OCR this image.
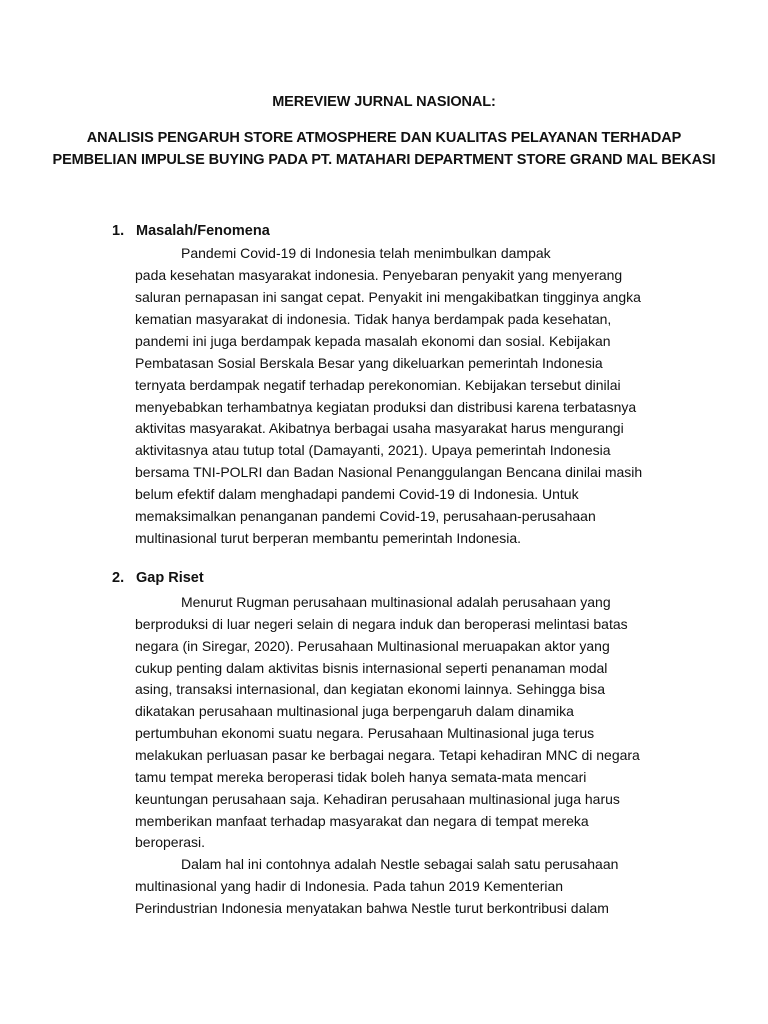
MEREVIEW JURNAL NASIONAL:
ANALISIS PENGARUH STORE ATMOSPHERE DAN KUALITAS PELAYANAN TERHADAP
PEMBELIAN IMPULSE BUYING PADA PT. MATAHARI DEPARTMENT STORE GRAND MAL BEKASI
1. Masalah/Fenomena
Pandemi Covid-19 di Indonesia telah menimbulkan dampak
pada kesehatan masyarakat indonesia. Penyebaran penyakit yang menyerang
saluran pernapasan ini sangat cepat. Penyakit ini mengakibatkan tingginya angka
kematian masyarakat di indonesia. Tidak hanya berdampak pada kesehatan,
pandemi ini juga berdampak kepada masalah ekonomi dan sosial. Kebijakan
Pembatasan Sosial Berskala Besar yang dikeluarkan pemerintah Indonesia
ternyata berdampak negatif terhadap perekonomian. Kebijakan tersebut dinilai
menyebabkan terhambatnya kegiatan produksi dan distribusi karena terbatasnya
aktivitas masyarakat. Akibatnya berbagai usaha masyarakat harus mengurangi
aktivitasnya atau tutup total (Damayanti, 2021). Upaya pemerintah Indonesia
bersama TNI-POLRI dan Badan Nasional Penanggulangan Bencana dinilai masih
belum efektif dalam menghadapi pandemi Covid-19 di Indonesia. Untuk
memaksimalkan penanganan pandemi Covid-19, perusahaan-perusahaan
multinasional turut berperan membantu pemerintah Indonesia.
2. Gap Riset
Menurut Rugman perusahaan multinasional adalah perusahaan yang
berproduksi di luar negeri selain di negara induk dan beroperasi melintasi batas
negara (in Siregar, 2020). Perusahaan Multinasional meruapakan aktor yang
cukup penting dalam aktivitas bisnis internasional seperti penanaman modal
asing, transaksi internasional, dan kegiatan ekonomi lainnya. Sehingga bisa
dikatakan perusahaan multinasional juga berpengaruh dalam dinamika
pertumbuhan ekonomi suatu negara. Perusahaan Multinasional juga terus
melakukan perluasan pasar ke berbagai negara. Tetapi kehadiran MNC di negara
tamu tempat mereka beroperasi tidak boleh hanya semata-mata mencari
keuntungan perusahaan saja. Kehadiran perusahaan multinasional juga harus
memberikan manfaat terhadap masyarakat dan negara di tempat mereka
beroperasi.
Dalam hal ini contohnya adalah Nestle sebagai salah satu perusahaan
multinasional yang hadir di Indonesia. Pada tahun 2019 Kementerian
Perindustrian Indonesia menyatakan bahwa Nestle turut berkontribusi dalam
